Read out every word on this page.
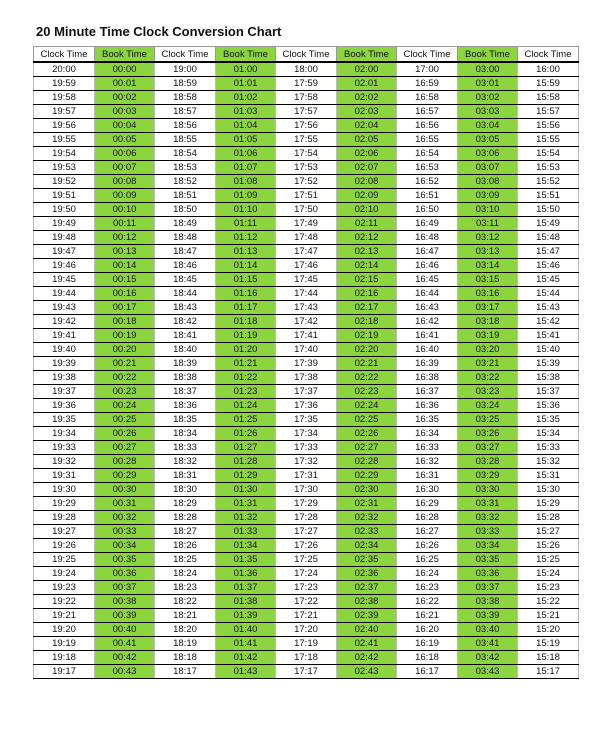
20 Minute Time Clock Conversion Chart
Clock Time	Book Time	Clock Time	Book Time	Clock Time	Book Time	Clock Time	Book Time	Clock Time
20:00	00:00	19:00	01:00	18:00	02:00	17:00	03:00	16:00
19:59	00:01	18:59	01:01	17:59	02:01	16:59	03:01	15:59
19:58	00:02	18:58	01:02	17:58	02:02	16:58	03:02	15:58
19:57	00:03	18:57	01:03	17:57	02:03	16:57	03:03	15:57
19:56	00:04	18:56	01:04	17:56	02:04	16:56	03:04	15:56
19:55	00:05	18:55	01:05	17:55	02:05	16:55	03:05	15:55
19:54	00:06	18:54	01:06	17:54	02:06	16:54	03:06	15:54
19:53	00:07	18:53	01:07	17:53	02:07	16:53	03:07	15:53
19:52	00:08	18:52	01:08	17:52	02:08	16:52	03:08	15:52
19:51	00:09	18:51	01:09	17:51	02:09	16:51	03:09	15:51
19:50	00:10	18:50	01:10	17:50	02:10	16:50	03:10	15:50
19:49	00:11	18:49	01:11	17:49	02:11	16:49	03:11	15:49
19:48	00:12	18:48	01:12	17:48	02:12	16:48	03:12	15:48
19:47	00:13	18:47	01:13	17:47	02:13	16:47	03:13	15:47
19:46	00:14	18:46	01:14	17:46	02:14	16:46	03:14	15:46
19:45	00:15	18:45	01:15	17:45	02:15	16:45	03:15	15:45
19:44	00:16	18:44	01:16	17:44	02:16	16:44	03:16	15:44
19:43	00:17	18:43	01:17	17:43	02:17	16:43	03:17	15:43
19:42	00:18	18:42	01:18	17:42	02:18	16:42	03:18	15:42
19:41	00:19	18:41	01:19	17:41	02:19	16:41	03:19	15:41
19:40	00:20	18:40	01:20	17:40	02:20	16:40	03:20	15:40
19:39	00:21	18:39	01:21	17:39	02:21	16:39	03:21	15:39
19:38	00:22	18:38	01:22	17:38	02:22	16:38	03:22	15:38
19:37	00:23	18:37	01:23	17:37	02:23	16:37	03:23	15:37
19:36	00:24	18:36	01:24	17:36	02:24	16:36	03:24	15:36
19:35	00:25	18:35	01:25	17:35	02:25	16:35	03:25	15:35
19:34	00:26	18:34	01:26	17:34	02:26	16:34	03:26	15:34
19:33	00:27	18:33	01:27	17:33	02:27	16:33	03:27	15:33
19:32	00:28	18:32	01:28	17:32	02:28	16:32	03:28	15:32
19:31	00:29	18:31	01:29	17:31	02:29	16:31	03:29	15:31
19:30	00:30	18:30	01:30	17:30	02:30	16:30	03:30	15:30
19:29	00:31	18:29	01:31	17:29	02:31	16:29	03:31	15:29
19:28	00:32	18:28	01:32	17:28	02:32	16:28	03:32	15:28
19:27	00:33	18:27	01:33	17:27	02:33	16:27	03:33	15:27
19:26	00:34	18:26	01:34	17:26	02:34	16:26	03:34	15:26
19:25	00:35	18:25	01:35	17:25	02:35	16:25	03:35	15:25
19:24	00:36	18:24	01:36	17:24	02:36	16:24	03:36	15:24
19:23	00:37	18:23	01:37	17:23	02:37	16:23	03:37	15:23
19:22	00:38	18:22	01:38	17:22	02:38	16:22	03:38	15:22
19:21	00:39	18:21	01:39	17:21	02:39	16:21	03:39	15:21
19:20	00:40	18:20	01:40	17:20	02:40	16:20	03:40	15:20
19:19	00:41	18:19	01:41	17:19	02:41	16:19	03:41	15:19
19:18	00:42	18:18	01:42	17:18	02:42	16:18	03:42	15:18
19:17	00:43	18:17	01:43	17:17	02:43	16:17	03:43	15:17
